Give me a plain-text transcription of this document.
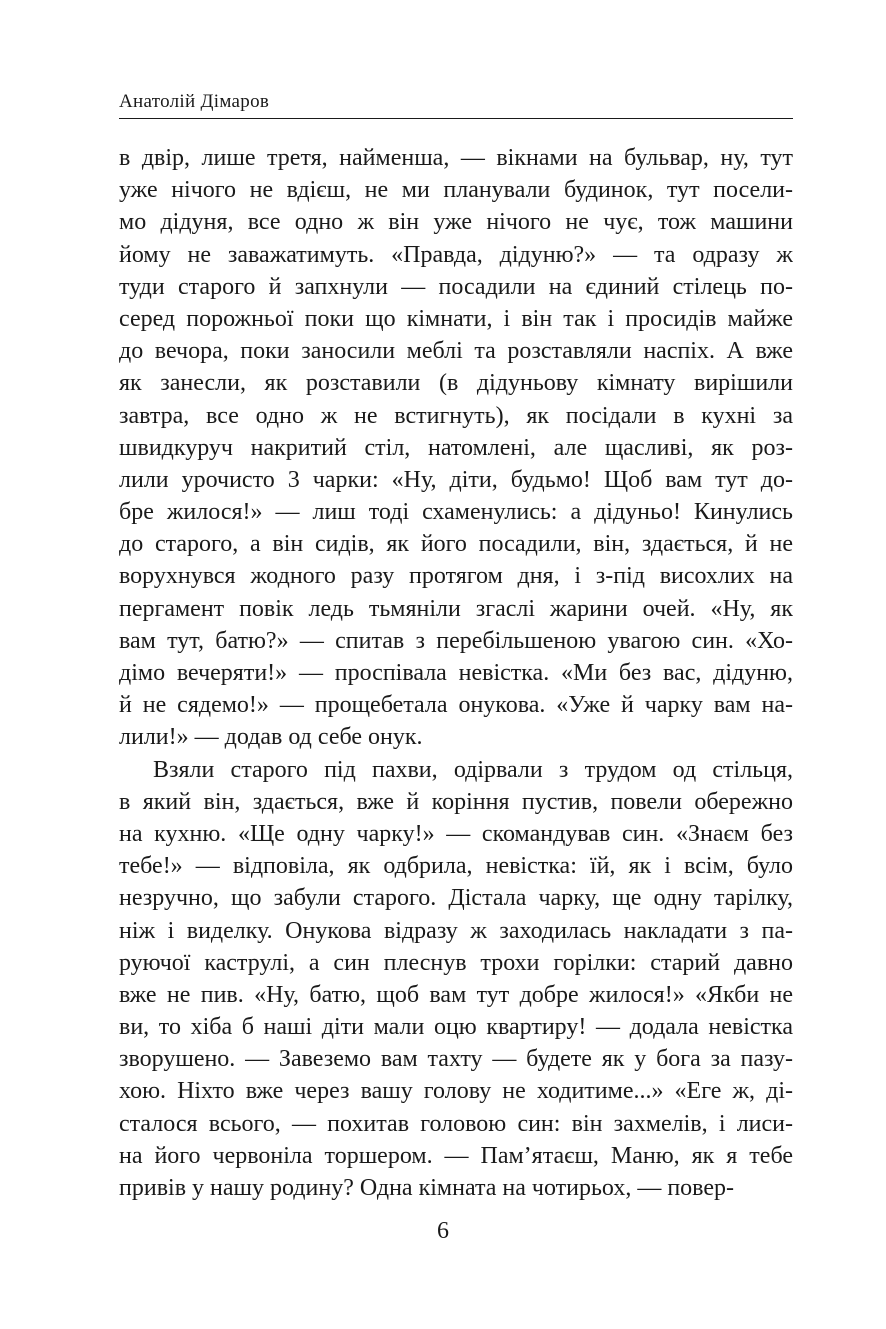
Анатолій Дімаров
в двір, лише третя, найменша, — вікнами на бульвар, ну, тут
уже нічого не вдієш, не ми планували будинок, тут посели-
мо дідуня, все одно ж він уже нічого не чує, тож машини
йому не заважатимуть. «Правда, дідуню?» — та одразу ж
туди старого й запхнули — посадили на єдиний стілець по-
серед порожньої поки що кімнати, і він так і просидів майже
до вечора, поки заносили меблі та розставляли наспіх. А вже
як занесли, як розставили (в дідуньову кімнату вирішили
завтра, все одно ж не встигнуть), як посідали в кухні за
швидкуруч накритий стіл, натомлені, але щасливі, як роз-
лили урочисто 3 чарки: «Ну, діти, будьмо! Щоб вам тут до-
бре жилося!» — лиш тоді схаменулись: а дідуньо! Кинулись
до старого, а він сидів, як його посадили, він, здається, й не
ворухнувся жодного разу протягом дня, і з-під висохлих на
пергамент повік ледь тьмяніли згаслі жарини очей. «Ну, як
вам тут, батю?» — спитав з перебільшеною увагою син. «Хо-
дімо вечеряти!» — проспівала невістка. «Ми без вас, дідуню,
й не сядемо!» — прощебетала онукова. «Уже й чарку вам на-
лили!» — додав од себе онук.
Взяли старого під пахви, одірвали з трудом од стільця,
в який він, здається, вже й коріння пустив, повели обережно
на кухню. «Ще одну чарку!» — скомандував син. «Знаєм без
тебе!» — відповіла, як одбрила, невістка: їй, як і всім, було
незручно, що забули старого. Дістала чарку, ще одну тарілку,
ніж і виделку. Онукова відразу ж заходилась накладати з па-
руючої каструлі, а син плеснув трохи горілки: старий давно
вже не пив. «Ну, батю, щоб вам тут добре жилося!» «Якби не
ви, то хіба б наші діти мали оцю квартиру! — додала невістка
зворушено. — Завеземо вам тахту — будете як у бога за пазу-
хою. Ніхто вже через вашу голову не ходитиме...» «Еге ж, ді-
сталося всього, — похитав головою син: він захмелів, і лиси-
на його червоніла торшером. — Пам’ятаєш, Маню, як я тебе
привів у нашу родину? Одна кімната на чотирьох, — повер-
6
